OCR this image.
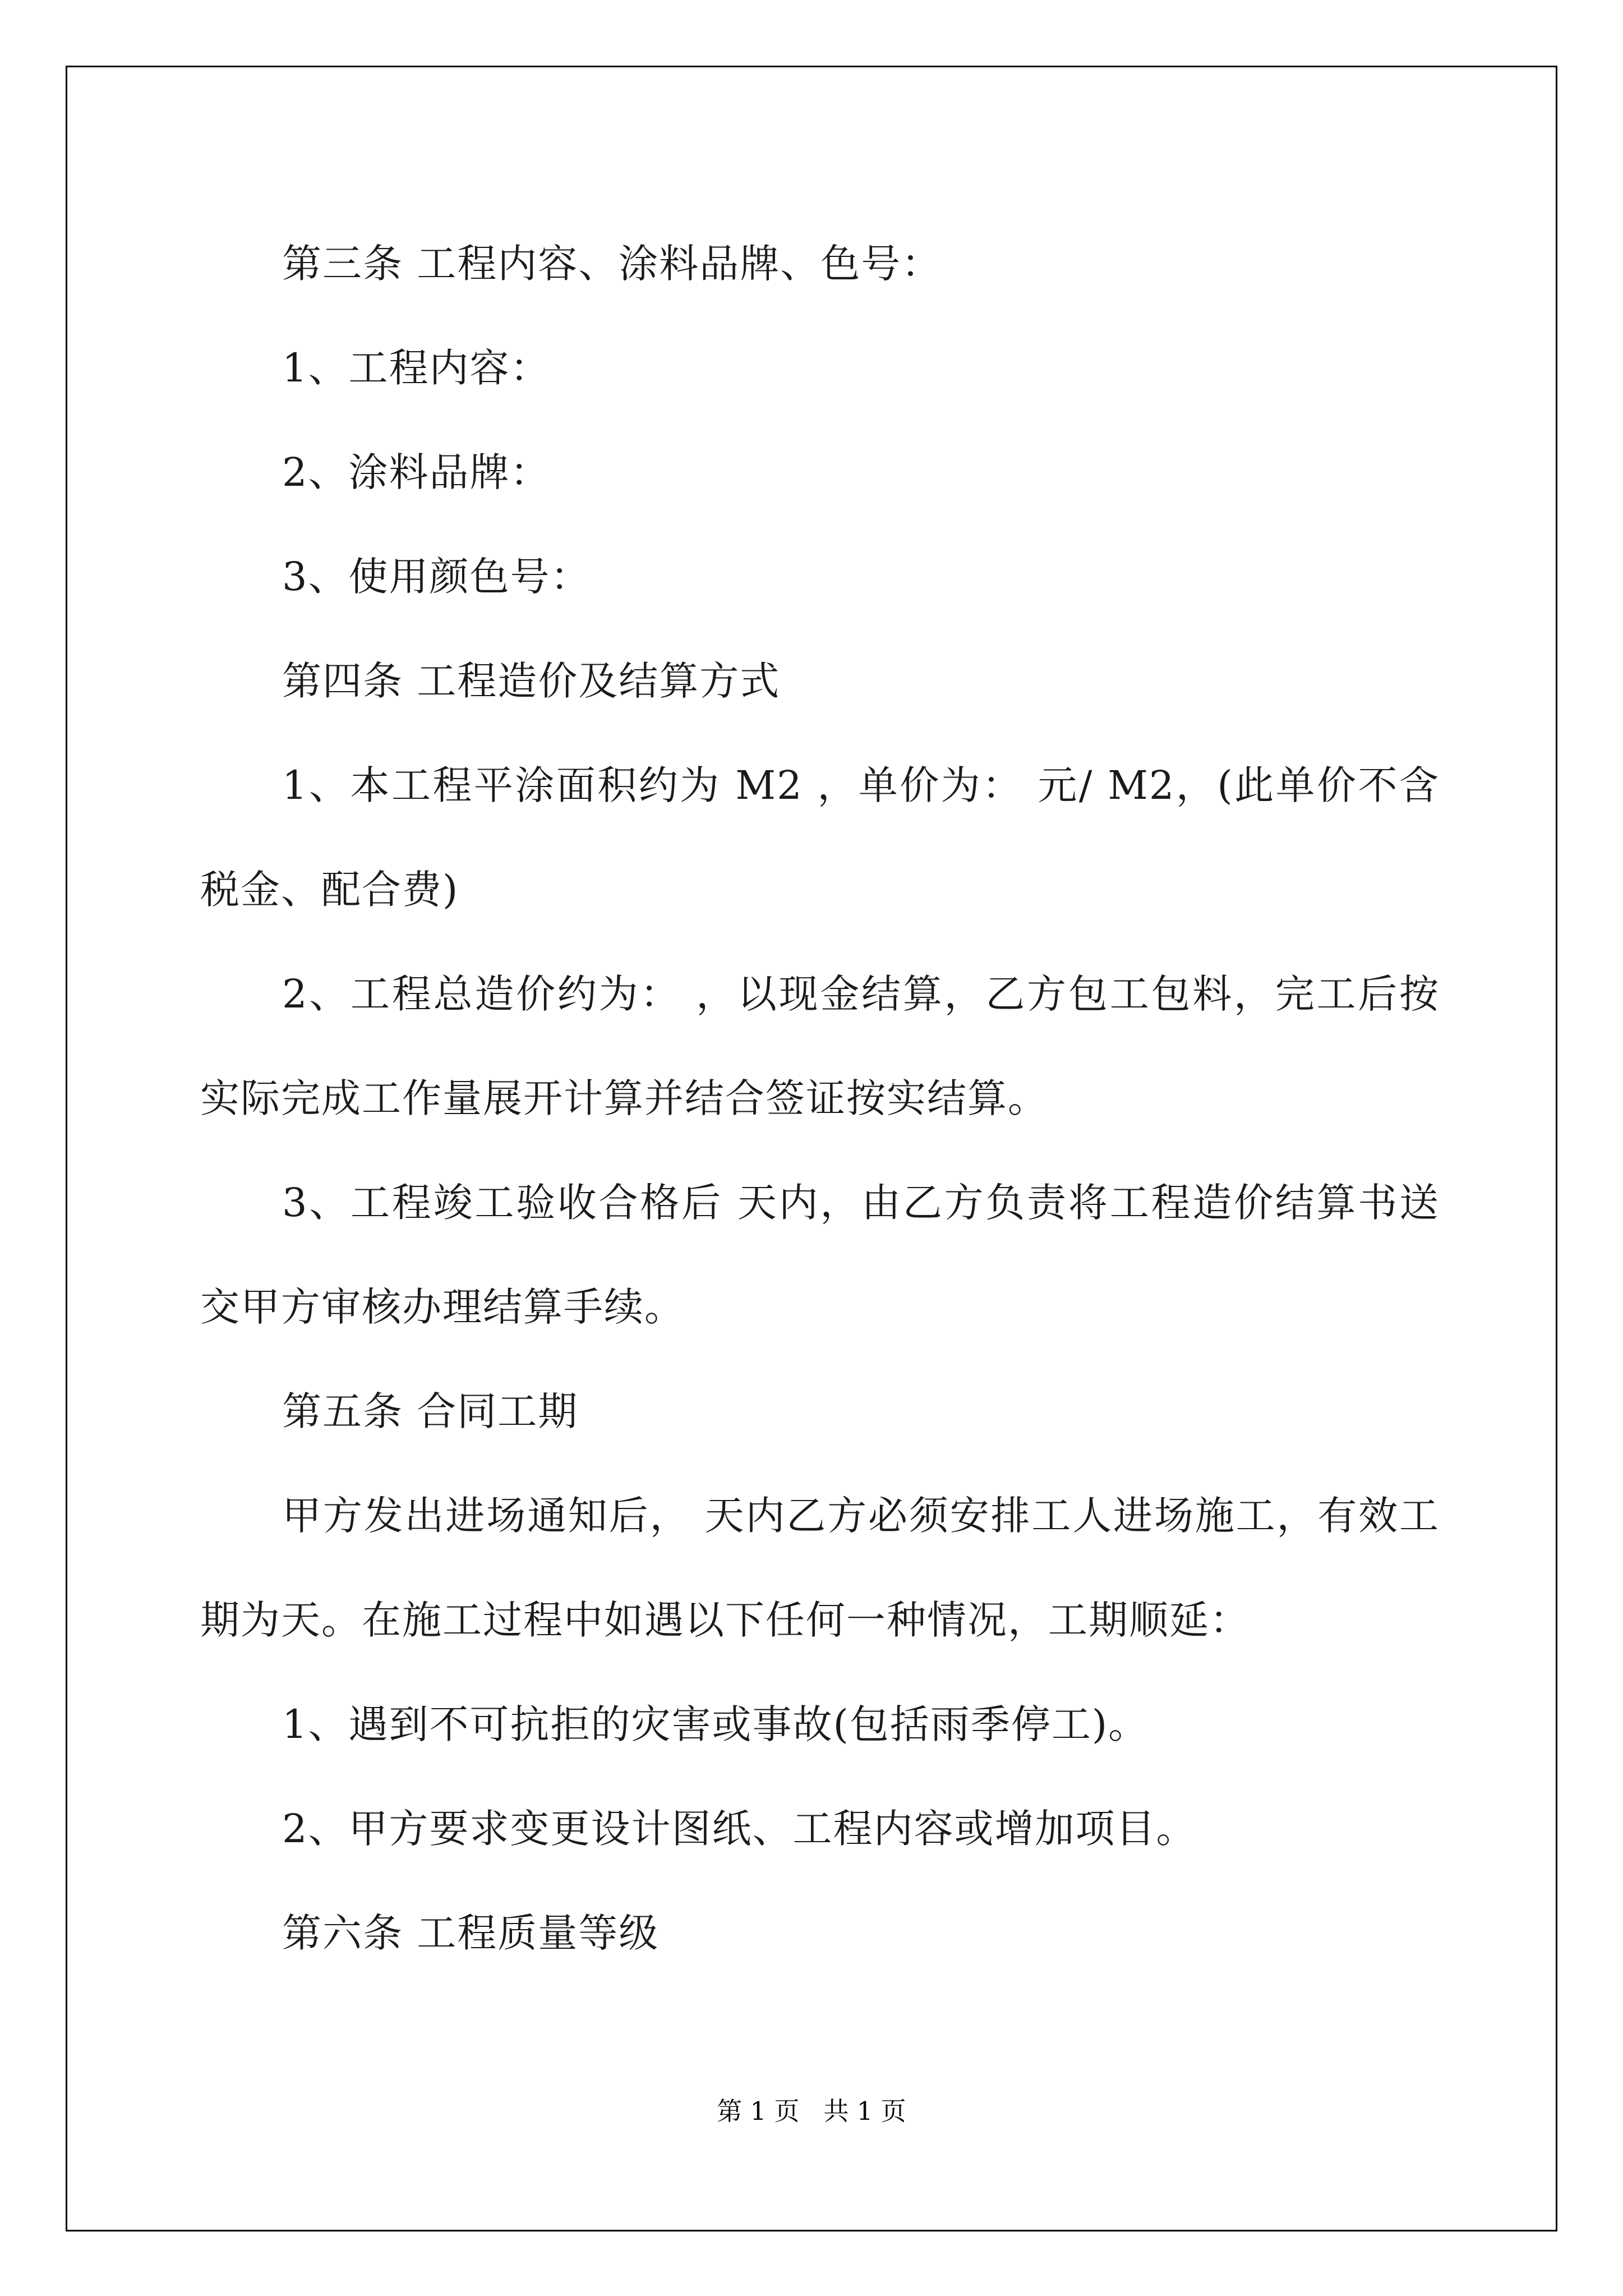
第三条 工程内容、涂料品牌、色号：

1、工程内容：

2、涂料品牌：

3、使用颜色号：

第四条 工程造价及结算方式

1、本工程平涂面积约为 M2 ，单价为： 元/ M2，(此单价不含税金、配合费)

2、工程总造价约为： ，以现金结算，乙方包工包料，完工后按实际完成工作量展开计算并结合签证按实结算。

3、工程竣工验收合格后 天内，由乙方负责将工程造价结算书送交甲方审核办理结算手续。

第五条 合同工期

甲方发出进场通知后， 天内乙方必须安排工人进场施工，有效工期为天。在施工过程中如遇以下任何一种情况，工期顺延：

1、遇到不可抗拒的灾害或事故(包括雨季停工)。

2、甲方要求变更设计图纸、工程内容或增加项目。

第六条 工程质量等级

第 1 页   共 1 页
